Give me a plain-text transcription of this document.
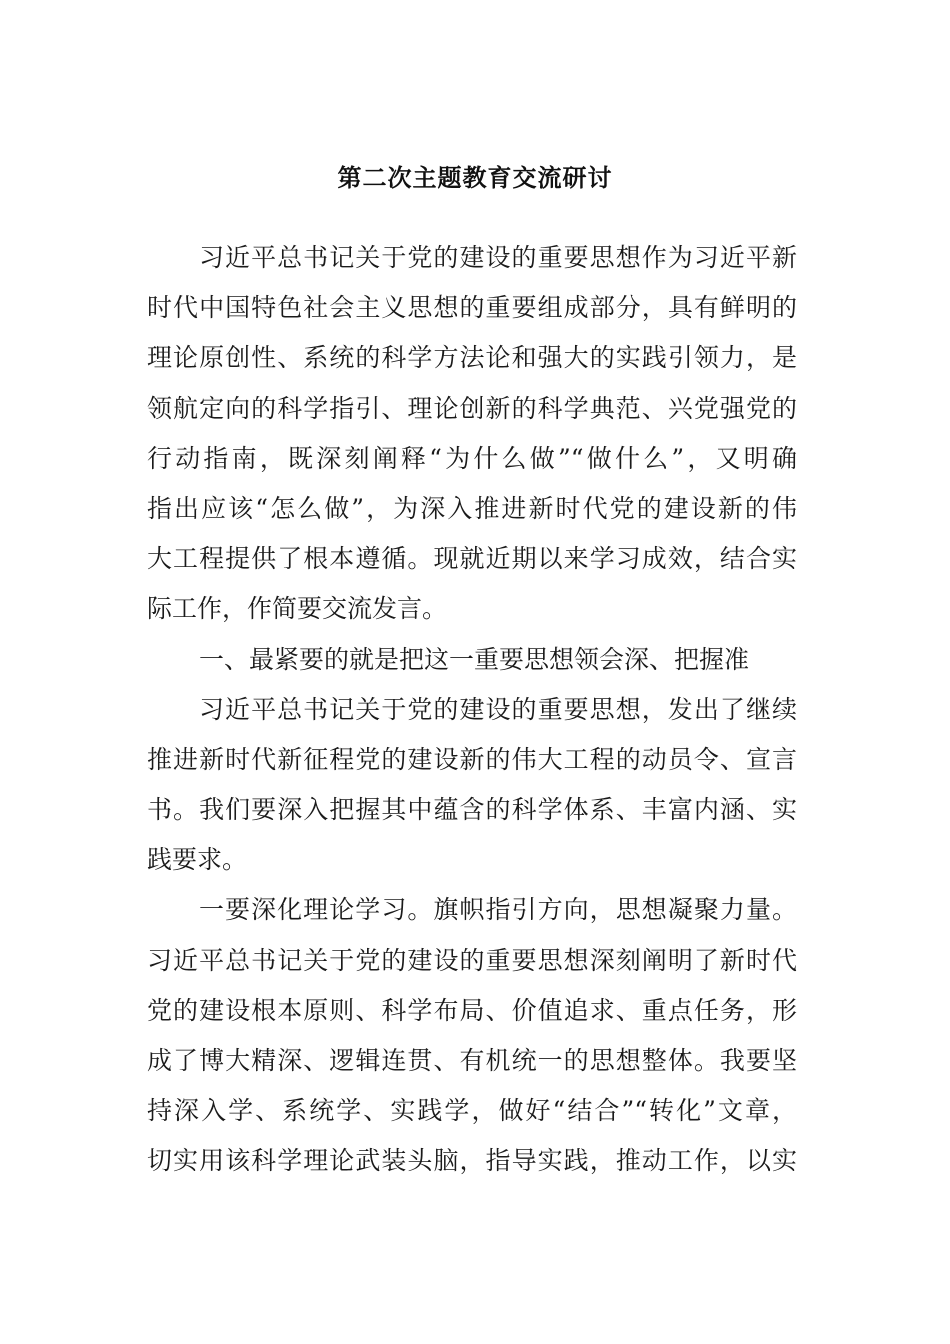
第二次主题教育交流研讨
习近平总书记关于党的建设的重要思想作为习近平新
时代中国特色社会主义思想的重要组成部分，具有鲜明的
理论原创性、系统的科学方法论和强大的实践引领力，是
领航定向的科学指引、理论创新的科学典范、兴党强党的
行动指南，既深刻阐释“为什么做”“做什么”，又明确
指出应该“怎么做”，为深入推进新时代党的建设新的伟
大工程提供了根本遵循。现就近期以来学习成效，结合实
际工作，作简要交流发言。
一、最紧要的就是把这一重要思想领会深、把握准
习近平总书记关于党的建设的重要思想，发出了继续
推进新时代新征程党的建设新的伟大工程的动员令、宣言
书。我们要深入把握其中蕴含的科学体系、丰富内涵、实
践要求。
一要深化理论学习。旗帜指引方向，思想凝聚力量。
习近平总书记关于党的建设的重要思想深刻阐明了新时代
党的建设根本原则、科学布局、价值追求、重点任务，形
成了博大精深、逻辑连贯、有机统一的思想整体。我要坚
持深入学、系统学、实践学，做好“结合”“转化”文章，
切实用该科学理论武装头脑，指导实践，推动工作，以实
